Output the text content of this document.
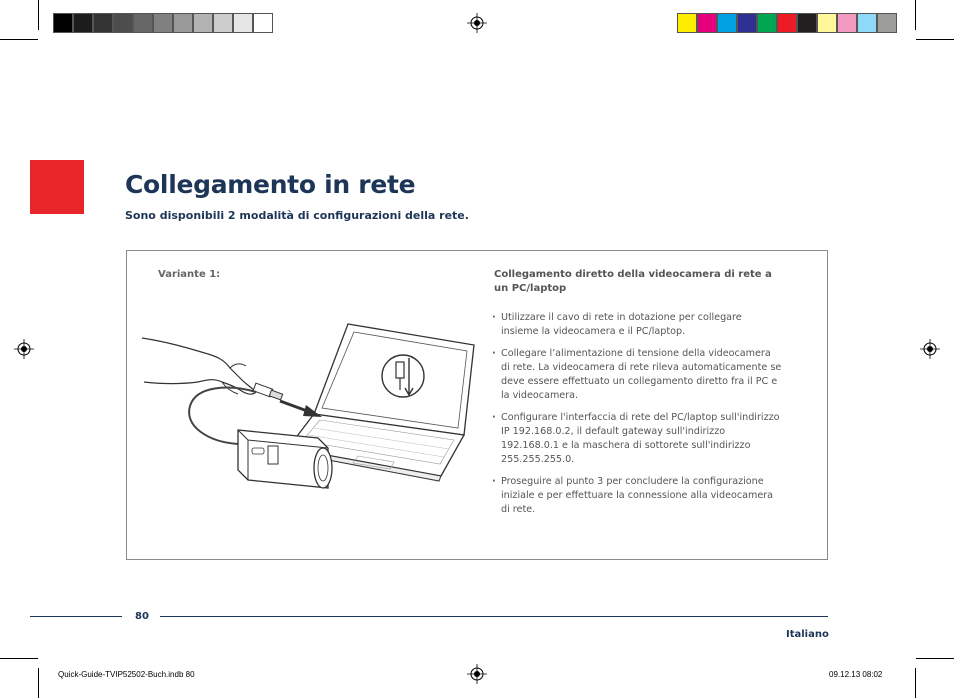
Collegamento in rete
Sono disponibili 2 modalità di configurazioni della rete.
Variante 1:	Collegamento diretto della videocamera di rete a un PC/laptop
· Utilizzare il cavo di rete in dotazione per collegare insieme la videocamera e il PC/laptop.
· Collegare l’alimentazione di tensione della videocamera di rete. La videocamera di rete rileva automaticamente se deve essere effettuato un collegamento diretto fra il PC e la videocamera.
· Configurare l'interfaccia di rete del PC/laptop sull'indirizzo IP 192.168.0.2, il default gateway sull'indirizzo 192.168.0.1 e la maschera di sottorete sull'indirizzo 255.255.255.0.
· Proseguire al punto 3 per concludere la configurazione iniziale e per effettuare la connessione alla videocamera di rete.
80
Italiano
Quick-Guide-TVIP52502-Buch.indb 80	09.12.13 08:02
